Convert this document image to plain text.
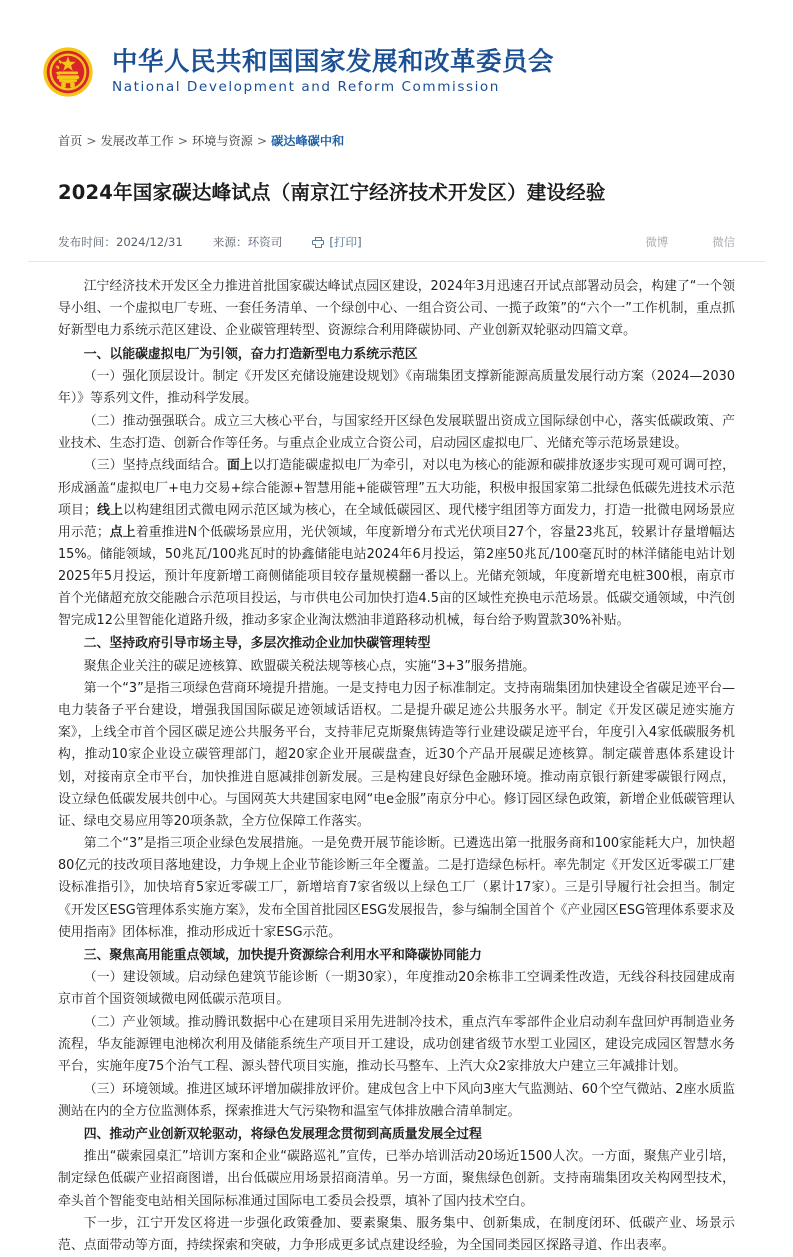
中华人民共和国国家发展和改革委员会
National Development and Reform Commission
首页 > 发展改革工作 > 环境与资源 > 碳达峰碳中和
2024年国家碳达峰试点（南京江宁经济技术开发区）建设经验
发布时间：2024/12/31	来源：环资司	[打印]	微博	微信

江宁经济技术开发区全力推进首批国家碳达峰试点园区建设，2024年3月迅速召开试点部署动员会，构建了“一个领导小组、一个虚拟电厂专班、一套任务清单、一个绿创中心、一组合资公司、一揽子政策”的“六个一”工作机制，重点抓好新型电力系统示范区建设、企业碳管理转型、资源综合利用降碳协同、产业创新双轮驱动四篇文章。

一、以能碳虚拟电厂为引领，奋力打造新型电力系统示范区

（一）强化顶层设计。制定《开发区充储设施建设规划》《南瑞集团支撑新能源高质量发展行动方案（2024—2030年）》等系列文件，推动科学发展。

（二）推动强强联合。成立三大核心平台，与国家经开区绿色发展联盟出资成立国际绿创中心，落实低碳政策、产业技术、生态打造、创新合作等任务。与重点企业成立合资公司，启动园区虚拟电厂、光储充等示范场景建设。

（三）坚持点线面结合。面上以打造能碳虚拟电厂为牵引，对以电为核心的能源和碳排放逐步实现可观可调可控，形成涵盖“虚拟电厂+电力交易+综合能源+智慧用能+能碳管理”五大功能，积极申报国家第二批绿色低碳先进技术示范项目；线上以构建组团式微电网示范区域为核心，在全域低碳园区、现代楼宇组团等方面发力，打造一批微电网场景应用示范；点上着重推进N个低碳场景应用，光伏领域，年度新增分布式光伏项目27个，容量23兆瓦，较累计存量增幅达15%。储能领域，50兆瓦/100兆瓦时的协鑫储能电站2024年6月投运，第2座50兆瓦/100毫瓦时的林洋储能电站计划2025年5月投运，预计年度新增工商侧储能项目较存量规模翻一番以上。光储充领域，年度新增充电桩300根，南京市首个光储超充放交能融合示范项目投运，与市供电公司加快打造4.5亩的区域性充换电示范场景。低碳交通领域，中汽创智完成12公里智能化道路升级，推动多家企业淘汰燃油非道路移动机械，每台给予购置款30%补贴。

二、坚持政府引导市场主导，多层次推动企业加快碳管理转型

聚焦企业关注的碳足迹核算、欧盟碳关税法规等核心点，实施“3+3”服务措施。

第一个“3”是指三项绿色营商环境提升措施。一是支持电力因子标准制定。支持南瑞集团加快建设全省碳足迹平台—电力装备子平台建设，增强我国国际碳足迹领域话语权。二是提升碳足迹公共服务水平。制定《开发区碳足迹实施方案》，上线全市首个园区碳足迹公共服务平台，支持菲尼克斯聚焦铸造等行业建设碳足迹平台，年度引入4家低碳服务机构，推动10家企业设立碳管理部门，超20家企业开展碳盘查，近30个产品开展碳足迹核算。制定碳普惠体系建设计划，对接南京全市平台，加快推进自愿减排创新发展。三是构建良好绿色金融环境。推动南京银行新建零碳银行网点，设立绿色低碳发展共创中心。与国网英大共建国家电网“电e金服”南京分中心。修订园区绿色政策，新增企业低碳管理认证、绿电交易应用等20项条款，全方位保障工作落实。

第二个“3”是指三项企业绿色发展措施。一是免费开展节能诊断。已遴选出第一批服务商和100家能耗大户，加快超80亿元的技改项目落地建设，力争规上企业节能诊断三年全覆盖。二是打造绿色标杆。率先制定《开发区近零碳工厂建设标准指引》，加快培育5家近零碳工厂，新增培育7家省级以上绿色工厂（累计17家）。三是引导履行社会担当。制定《开发区ESG管理体系实施方案》，发布全国首批园区ESG发展报告，参与编制全国首个《产业园区ESG管理体系要求及使用指南》团体标准，推动形成近十家ESG示范。

三、聚焦高用能重点领域，加快提升资源综合利用水平和降碳协同能力

（一）建设领域。启动绿色建筑节能诊断（一期30家），年度推动20余栋非工空调柔性改造，无线谷科技园建成南京市首个国资领域微电网低碳示范项目。

（二）产业领域。推动腾讯数据中心在建项目采用先进制冷技术，重点汽车零部件企业启动刹车盘回炉再制造业务流程，华友能源锂电池梯次利用及储能系统生产项目开工建设，成功创建省级节水型工业园区，建设完成园区智慧水务平台，实施年度75个治气工程、源头替代项目实施，推动长马整车、上汽大众2家排放大户建立三年减排计划。

（三）环境领域。推进区域环评增加碳排放评价。建成包含上中下风向3座大气监测站、60个空气微站、2座水质监测站在内的全方位监测体系，探索推进大气污染物和温室气体排放融合清单制定。

四、推动产业创新双轮驱动，将绿色发展理念贯彻到高质量发展全过程

推出“碳索园桌汇”培训方案和企业“碳路巡礼”宣传，已举办培训活动20场近1500人次。一方面，聚焦产业引培，制定绿色低碳产业招商图谱，出台低碳应用场景招商清单。另一方面，聚焦绿色创新。支持南瑞集团攻关构网型技术，牵头首个智能变电站相关国际标准通过国际电工委员会投票，填补了国内技术空白。

下一步，江宁开发区将进一步强化政策叠加、要素聚集、服务集中、创新集成，在制度闭环、低碳产业、场景示范、点面带动等方面，持续探索和突破，力争形成更多试点建设经验，为全国同类园区探路寻道、作出表率。
